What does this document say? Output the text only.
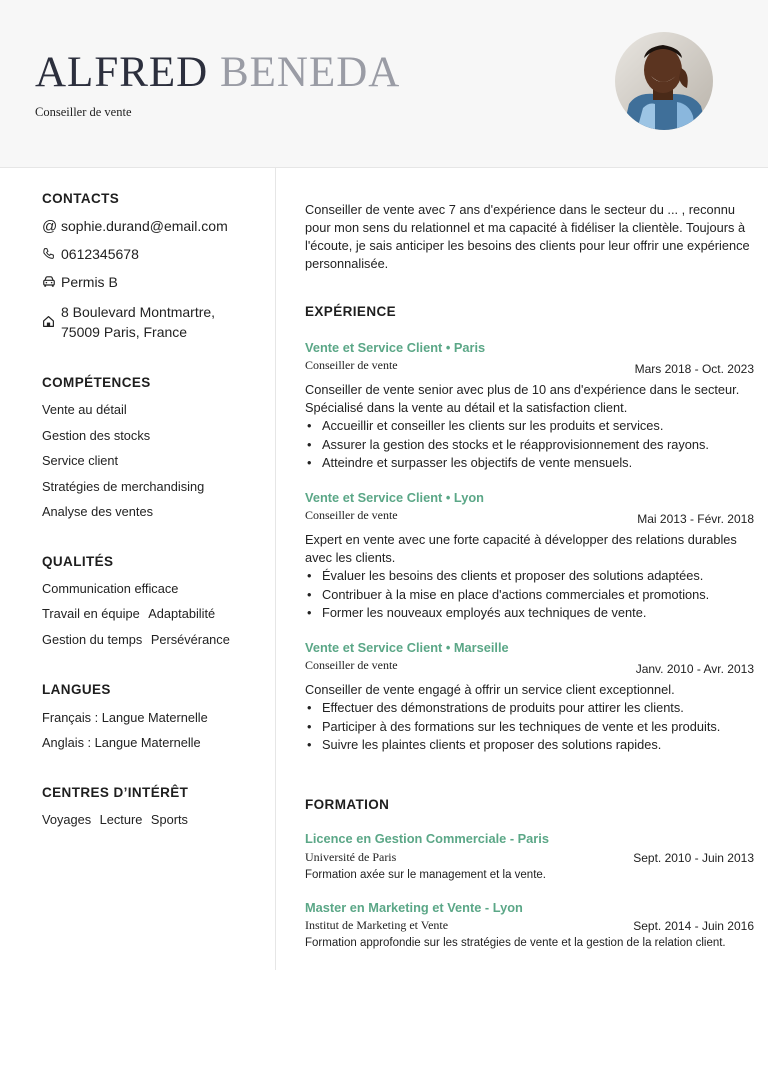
ALFRED BENEDA
Conseiller de vente
CONTACTS
@ sophie.durand@email.com
0612345678
Permis B
8 Boulevard Montmartre,
75009 Paris, France
COMPÉTENCES
Vente au détail
Gestion des stocks
Service client
Stratégies de merchandising
Analyse des ventes
QUALITÉS
Communication efficace
Travail en équipe Adaptabilité
Gestion du temps Persévérance
LANGUES
Français : Langue Maternelle
Anglais : Langue Maternelle
CENTRES D’INTÉRÊT
Voyages Lecture Sports
Conseiller de vente avec 7 ans d'expérience dans le secteur du ... , reconnu pour mon sens du relationnel et ma capacité à fidéliser la clientèle. Toujours à l'écoute, je sais anticiper les besoins des clients pour leur offrir une expérience personnalisée.
EXPÉRIENCE
Vente et Service Client • Paris
Conseiller de vente	Mars 2018 - Oct. 2023
Conseiller de vente senior avec plus de 10 ans d'expérience dans le secteur. Spécialisé dans la vente au détail et la satisfaction client.
• Accueillir et conseiller les clients sur les produits et services.
• Assurer la gestion des stocks et le réapprovisionnement des rayons.
• Atteindre et surpasser les objectifs de vente mensuels.
Vente et Service Client • Lyon
Conseiller de vente	Mai 2013 - Févr. 2018
Expert en vente avec une forte capacité à développer des relations durables avec les clients.
• Évaluer les besoins des clients et proposer des solutions adaptées.
• Contribuer à la mise en place d'actions commerciales et promotions.
• Former les nouveaux employés aux techniques de vente.
Vente et Service Client • Marseille
Conseiller de vente	Janv. 2010 - Avr. 2013
Conseiller de vente engagé à offrir un service client exceptionnel.
• Effectuer des démonstrations de produits pour attirer les clients.
• Participer à des formations sur les techniques de vente et les produits.
• Suivre les plaintes clients et proposer des solutions rapides.
FORMATION
Licence en Gestion Commerciale - Paris
Université de Paris	Sept. 2010 - Juin 2013
Formation axée sur le management et la vente.
Master en Marketing et Vente - Lyon
Institut de Marketing et Vente	Sept. 2014 - Juin 2016
Formation approfondie sur les stratégies de vente et la gestion de la relation client.
